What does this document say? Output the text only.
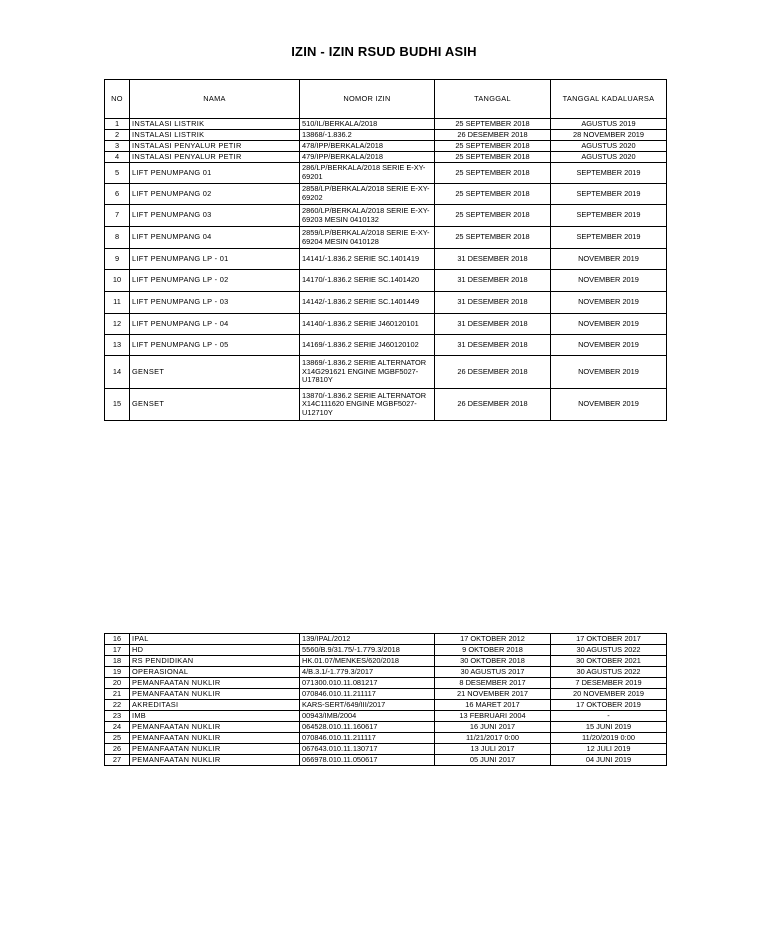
IZIN - IZIN RSUD BUDHI ASIH
NO	NAMA	NOMOR IZIN	TANGGAL	TANGGAL KADALUARSA
1	INSTALASI LISTRIK	510/IL/BERKALA/2018	25 SEPTEMBER 2018	AGUSTUS 2019
2	INSTALASI LISTRIK	13868/-1.836.2	26 DESEMBER 2018	28 NOVEMBER 2019
3	INSTALASI PENYALUR PETIR	478/IPP/BERKALA/2018	25 SEPTEMBER 2018	AGUSTUS 2020
4	INSTALASI PENYALUR PETIR	479/IPP/BERKALA/2018	25 SEPTEMBER 2018	AGUSTUS 2020
5	LIFT PENUMPANG 01	286/LP/BERKALA/2018 SERIE E-XY-69201	25 SEPTEMBER 2018	SEPTEMBER 2019
6	LIFT PENUMPANG 02	2858/LP/BERKALA/2018 SERIE E-XY-69202	25 SEPTEMBER 2018	SEPTEMBER 2019
7	LIFT PENUMPANG 03	2860/LP/BERKALA/2018 SERIE E-XY-69203 MESIN 0410132	25 SEPTEMBER 2018	SEPTEMBER 2019
8	LIFT PENUMPANG 04	2859/LP/BERKALA/2018 SERIE E-XY-69204 MESIN 0410128	25 SEPTEMBER 2018	SEPTEMBER 2019
9	LIFT PENUMPANG LP - 01	14141/-1.836.2 SERIE SC.1401419	31 DESEMBER 2018	NOVEMBER 2019
10	LIFT PENUMPANG LP - 02	14170/-1.836.2 SERIE SC.1401420	31 DESEMBER 2018	NOVEMBER 2019
11	LIFT PENUMPANG LP - 03	14142/-1.836.2 SERIE SC.1401449	31 DESEMBER 2018	NOVEMBER 2019
12	LIFT PENUMPANG LP - 04	14140/-1.836.2 SERIE J460120101	31 DESEMBER 2018	NOVEMBER 2019
13	LIFT PENUMPANG LP - 05	14169/-1.836.2 SERIE J460120102	31 DESEMBER 2018	NOVEMBER 2019
14	GENSET	13869/-1.836.2 SERIE ALTERNATOR X14G291621 ENGINE MGBF5027-U17810Y	26 DESEMBER 2018	NOVEMBER 2019
15	GENSET	13870/-1.836.2 SERIE ALTERNATOR X14C111620 ENGINE MGBF5027-U12710Y	26 DESEMBER 2018	NOVEMBER 2019
16	IPAL	139/IPAL/2012	17 OKTOBER 2012	17 OKTOBER 2017
17	HD	5560/B.9/31.75/-1.779.3/2018	9 OKTOBER 2018	30 AGUSTUS 2022
18	RS PENDIDIKAN	HK.01.07/MENKES/620/2018	30 OKTOBER 2018	30 OKTOBER 2021
19	OPERASIONAL	4/B.3.1/-1.779.3/2017	30 AGUSTUS 2017	30 AGUSTUS 2022
20	PEMANFAATAN NUKLIR	071300.010.11.081217	8 DESEMBER 2017	7 DESEMBER 2019
21	PEMANFAATAN NUKLIR	070846.010.11.211117	21 NOVEMBER 2017	20 NOVEMBER 2019
22	AKREDITASI	KARS-SERT/649/III/2017	16 MARET 2017	17 OKTOBER 2019
23	IMB	00943/IMB/2004	13 FEBRUARI 2004	-
24	PEMANFAATAN NUKLIR	064528.010.11.160617	16 JUNI 2017	15 JUNI 2019
25	PEMANFAATAN NUKLIR	070846.010.11.211117	11/21/2017 0:00	11/20/2019 0:00
26	PEMANFAATAN NUKLIR	067643.010.11.130717	13 JULI 2017	12 JULI 2019
27	PEMANFAATAN NUKLIR	066978.010.11.050617	05 JUNI 2017	04 JUNI 2019
